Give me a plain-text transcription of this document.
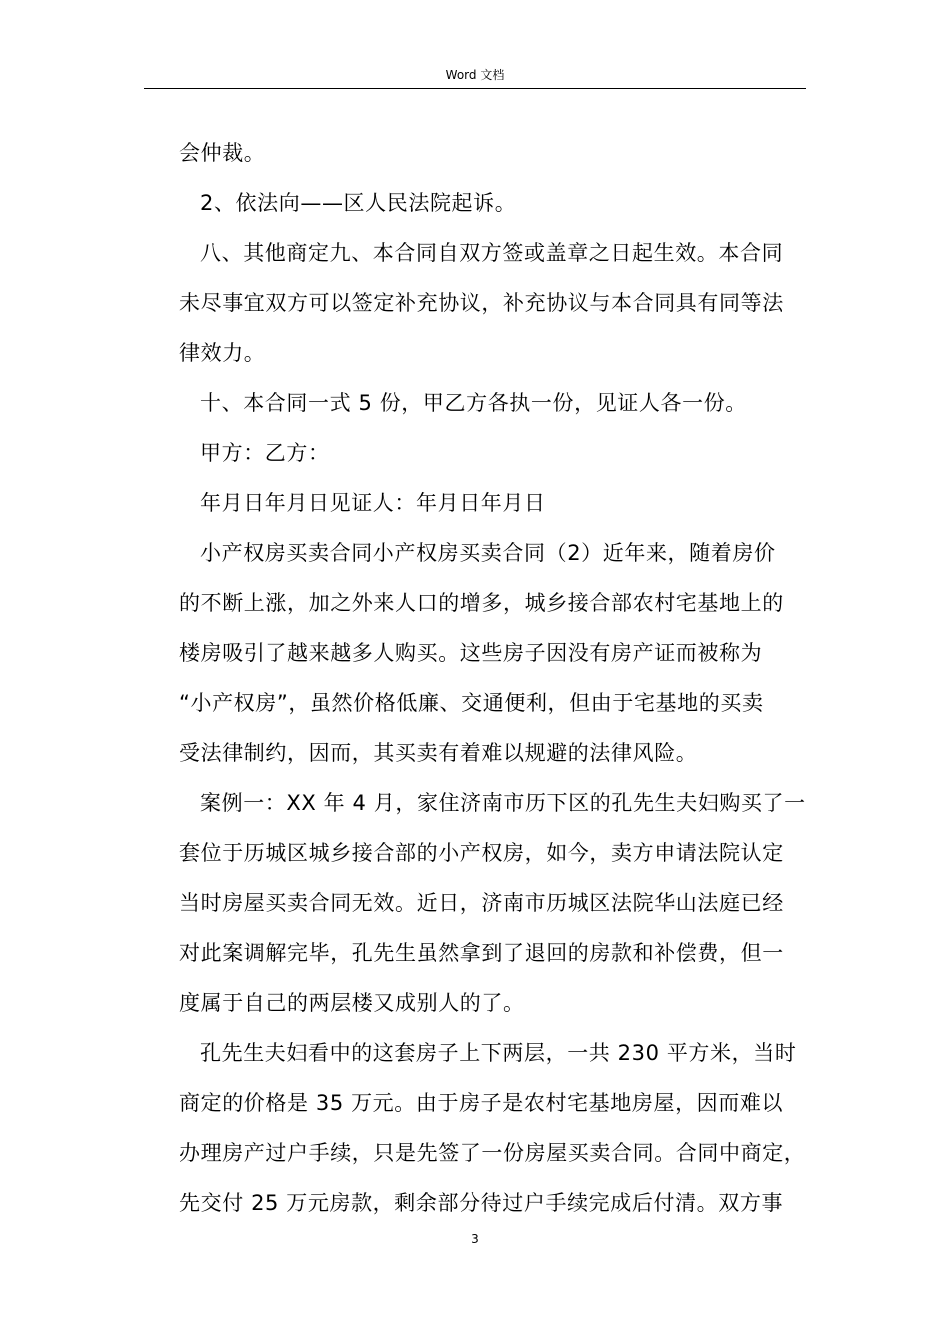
Word 文档
会仲裁。
2、依法向——区人民法院起诉。
八、其他商定九、本合同自双方签或盖章之日起生效。本合同
未尽事宜双方可以签定补充协议，补充协议与本合同具有同等法
律效力。
十、本合同一式 5 份，甲乙方各执一份，见证人各一份。
甲方：乙方：
年月日年月日见证人：年月日年月日
小产权房买卖合同小产权房买卖合同（2）近年来，随着房价
的不断上涨，加之外来人口的增多，城乡接合部农村宅基地上的
楼房吸引了越来越多人购买。这些房子因没有房产证而被称为
“小产权房”，虽然价格低廉、交通便利，但由于宅基地的买卖
受法律制约，因而，其买卖有着难以规避的法律风险。
案例一：XX 年 4 月，家住济南市历下区的孔先生夫妇购买了一
套位于历城区城乡接合部的小产权房，如今，卖方申请法院认定
当时房屋买卖合同无效。近日，济南市历城区法院华山法庭已经
对此案调解完毕，孔先生虽然拿到了退回的房款和补偿费，但一
度属于自己的两层楼又成别人的了。
孔先生夫妇看中的这套房子上下两层，一共 230 平方米，当时
商定的价格是 35 万元。由于房子是农村宅基地房屋，因而难以
办理房产过户手续，只是先签了一份房屋买卖合同。合同中商定，
先交付 25 万元房款，剩余部分待过户手续完成后付清。双方事
3
